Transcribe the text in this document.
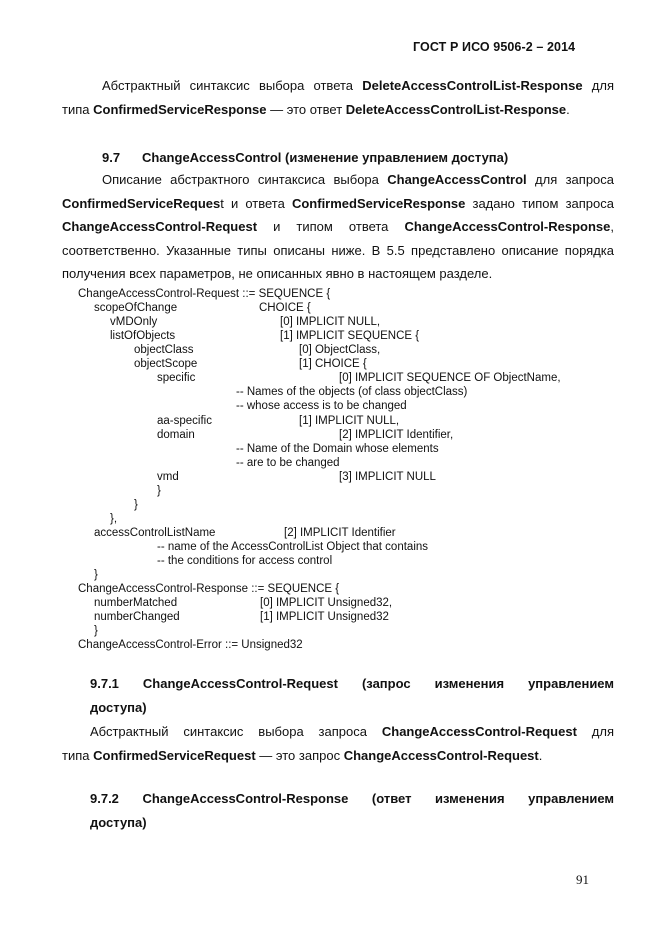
ГОСТ Р ИСО 9506-2 – 2014
Абстрактный синтаксис выбора ответа DeleteAccessControlList-Response для
типа ConfirmedServiceResponse — это ответ DeleteAccessControlList-Response.
9.7 ChangeAccessControl (изменение управлением доступа)
Описание абстрактного синтаксиса выбора ChangeAccessControl для запроса
ConfirmedServiceRequest и ответа ConfirmedServiceResponse задано типом запроса
ChangeAccessControl-Request и типом ответа ChangeAccessControl-Response,
соответственно. Указанные типы описаны ниже. В 5.5 представлено описание порядка
получения всех параметров, не описанных явно в настоящем разделе.
ChangeAccessControl-Request ::= SEQUENCE {
scopeOfChange	CHOICE {
vMDOnly	[0] IMPLICIT NULL,
listOfObjects	[1] IMPLICIT SEQUENCE {
objectClass	[0] ObjectClass,
objectScope	[1] CHOICE {
specific	[0] IMPLICIT SEQUENCE OF ObjectName,
-- Names of the objects (of class objectClass)
-- whose access is to be changed
aa-specific	[1] IMPLICIT NULL,
domain	[2] IMPLICIT Identifier,
-- Name of the Domain whose elements
-- are to be changed
vmd	[3] IMPLICIT NULL
}
}
},
accessControlListName	[2] IMPLICIT Identifier
-- name of the AccessControlList Object that contains
-- the conditions for access control
}
ChangeAccessControl-Response ::= SEQUENCE {
numberMatched	[0] IMPLICIT Unsigned32,
numberChanged	[1] IMPLICIT Unsigned32
}
ChangeAccessControl-Error ::= Unsigned32
9.7.1 ChangeAccessControl-Request (запрос изменения управлением
доступа)
Абстрактный синтаксис выбора запроса ChangeAccessControl-Request для
типа ConfirmedServiceRequest — это запрос ChangeAccessControl-Request.
9.7.2 ChangeAccessControl-Response (ответ изменения управлением
доступа)
91
